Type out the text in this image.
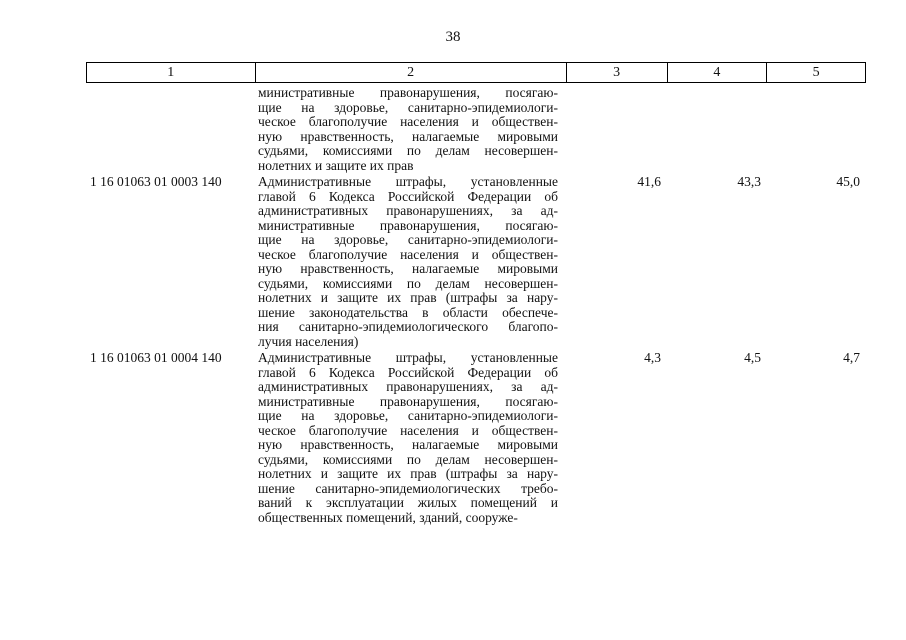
38
1	2	3	4	5
министративные правонарушения, посягаю-
щие на здоровье, санитарно-эпидемиологи-
ческое благополучие населения и обществен-
ную нравственность, налагаемые мировыми
судьями, комиссиями по делам несовершен-
нолетних и защите их прав
1 16 01063 01 0003 140	Административные штрафы, установленные
главой 6 Кодекса Российской Федерации об
административных правонарушениях, за ад-
министративные правонарушения, посягаю-
щие на здоровье, санитарно-эпидемиологи-
ческое благополучие населения и обществен-
ную нравственность, налагаемые мировыми
судьями, комиссиями по делам несовершен-
нолетних и защите их прав (штрафы за нару-
шение законодательства в области обеспече-
ния санитарно-эпидемиологического благопо-
лучия населения)
41,6	43,3	45,0
1 16 01063 01 0004 140	Административные штрафы, установленные
главой 6 Кодекса Российской Федерации об
административных правонарушениях, за ад-
министративные правонарушения, посягаю-
щие на здоровье, санитарно-эпидемиологи-
ческое благополучие населения и обществен-
ную нравственность, налагаемые мировыми
судьями, комиссиями по делам несовершен-
нолетних и защите их прав (штрафы за нару-
шение санитарно-эпидемиологических требо-
ваний к эксплуатации жилых помещений и
общественных помещений, зданий, сооруже-
4,3	4,5	4,7
